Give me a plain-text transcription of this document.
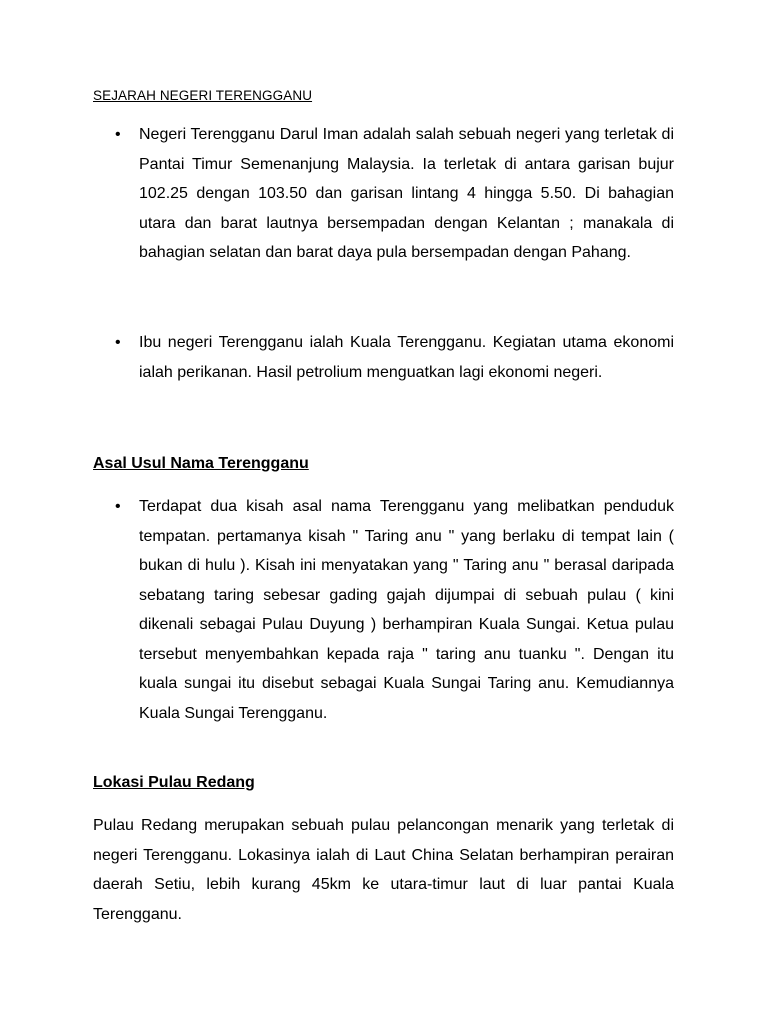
SEJARAH NEGERI TERENGGANU
• Negeri Terengganu Darul Iman adalah salah sebuah negeri yang terletak di Pantai Timur Semenanjung Malaysia. Ia terletak di antara garisan bujur 102.25 dengan 103.50 dan garisan lintang 4 hingga 5.50. Di bahagian utara dan barat lautnya bersempadan dengan Kelantan ; manakala di bahagian selatan dan barat daya pula bersempadan dengan Pahang.
• Ibu negeri Terengganu ialah Kuala Terengganu. Kegiatan utama ekonomi ialah perikanan. Hasil petrolium menguatkan lagi ekonomi negeri.
Asal Usul Nama Terengganu
• Terdapat dua kisah asal nama Terengganu yang melibatkan penduduk tempatan. pertamanya kisah " Taring anu " yang berlaku di tempat lain ( bukan di hulu ). Kisah ini menyatakan yang " Taring anu " berasal daripada sebatang taring sebesar gading gajah dijumpai di sebuah pulau ( kini dikenali sebagai Pulau Duyung ) berhampiran Kuala Sungai. Ketua pulau tersebut menyembahkan kepada raja " taring anu tuanku ". Dengan itu kuala sungai itu disebut sebagai Kuala Sungai Taring anu. Kemudiannya Kuala Sungai Terengganu.
Lokasi Pulau Redang
Pulau Redang merupakan sebuah pulau pelancongan menarik yang terletak di negeri Terengganu. Lokasinya ialah di Laut China Selatan berhampiran perairan daerah Setiu, lebih kurang 45km ke utara-timur laut di luar pantai Kuala Terengganu.
